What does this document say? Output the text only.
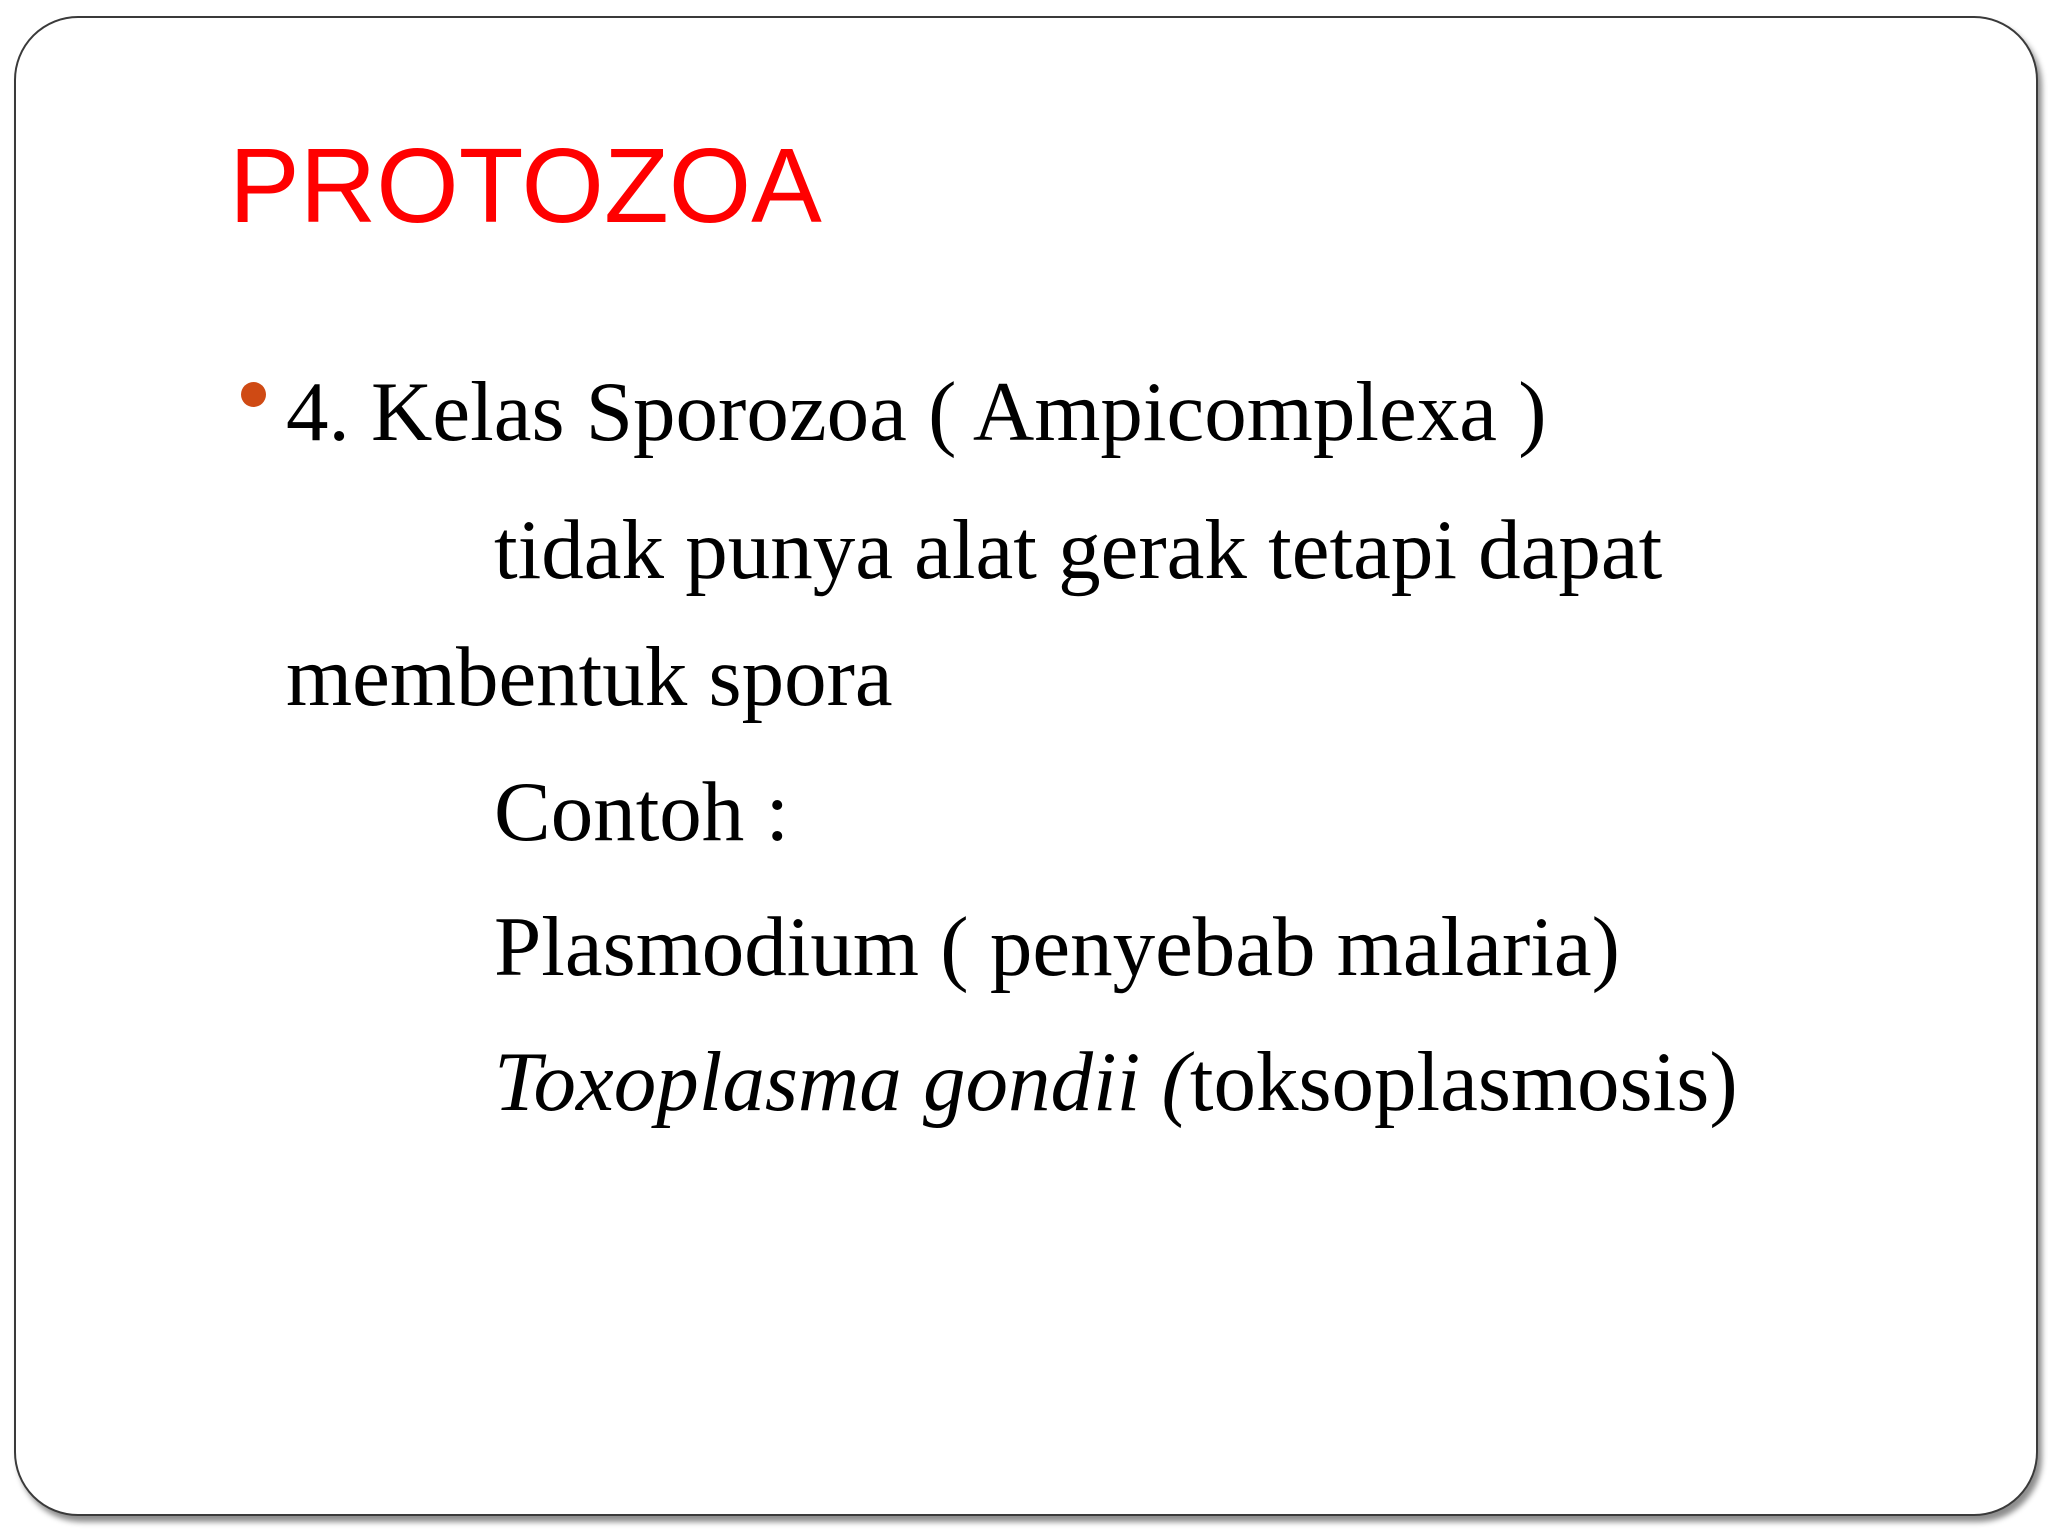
PROTOZOA

4. Kelas Sporozoa ( Ampicomplexa )

tidak punya alat gerak tetapi dapat

membentuk spora

Contoh :

Plasmodium ( penyebab malaria)

Toxoplasma gondii (toksoplasmosis)
